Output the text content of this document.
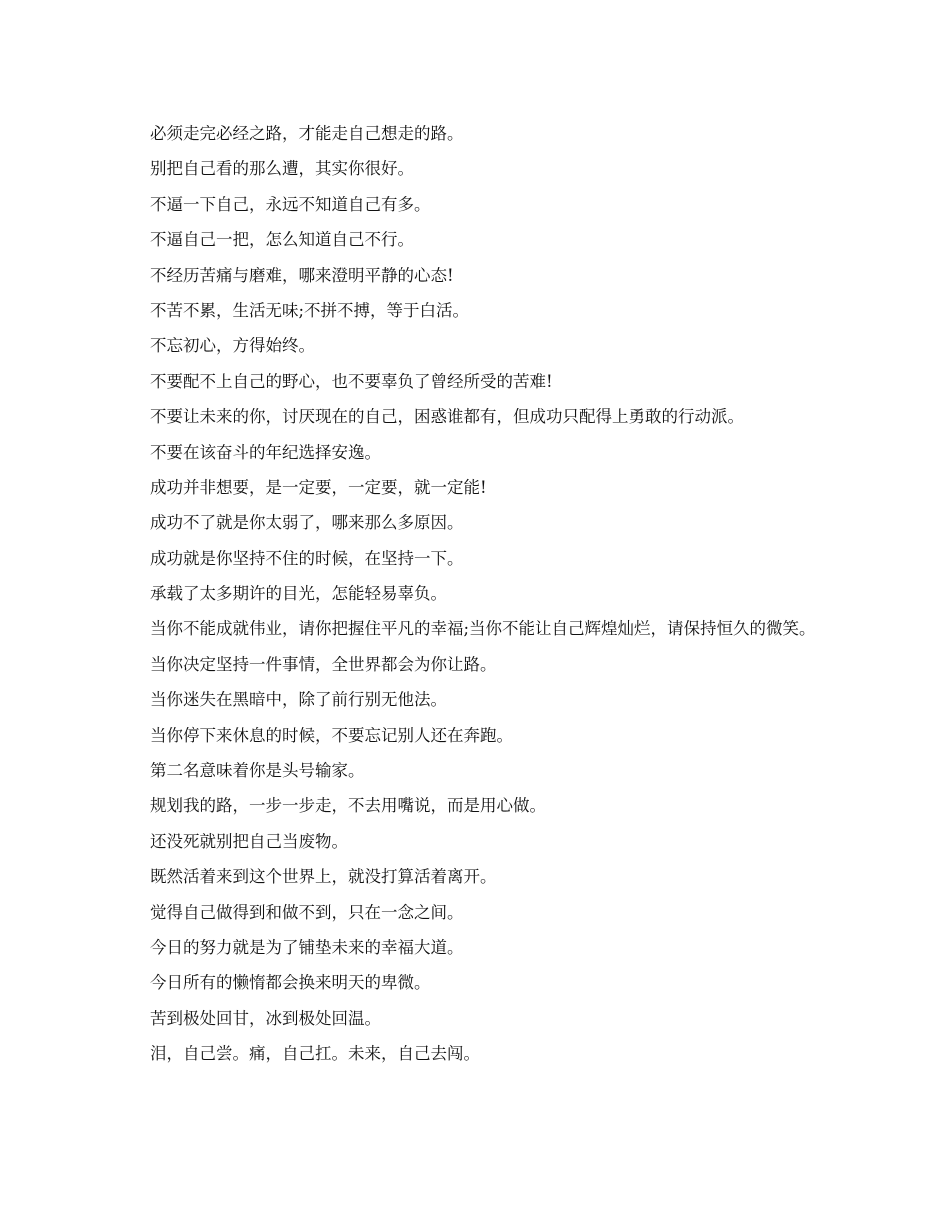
必须走完必经之路，才能走自己想走的路。

别把自己看的那么遭，其实你很好。

不逼一下自己，永远不知道自己有多。

不逼自己一把，怎么知道自己不行。

不经历苦痛与磨难，哪来澄明平静的心态!

不苦不累，生活无味;不拼不搏，等于白活。

不忘初心，方得始终。

不要配不上自己的野心，也不要辜负了曾经所受的苦难!

不要让未来的你，讨厌现在的自己，困惑谁都有，但成功只配得上勇敢的行动派。

不要在该奋斗的年纪选择安逸。

成功并非想要，是一定要，一定要，就一定能!

成功不了就是你太弱了，哪来那么多原因。

成功就是你坚持不住的时候，在坚持一下。

承载了太多期许的目光，怎能轻易辜负。

当你不能成就伟业，请你把握住平凡的幸福;当你不能让自己辉煌灿烂，请保持恒久的微笑。

当你决定坚持一件事情，全世界都会为你让路。

当你迷失在黑暗中，除了前行别无他法。

当你停下来休息的时候，不要忘记别人还在奔跑。

第二名意味着你是头号输家。

规划我的路，一步一步走，不去用嘴说，而是用心做。

还没死就别把自己当废物。

既然活着来到这个世界上，就没打算活着离开。

觉得自己做得到和做不到，只在一念之间。

今日的努力就是为了铺垫未来的幸福大道。

今日所有的懒惰都会换来明天的卑微。

苦到极处回甘，冰到极处回温。

泪，自己尝。痛，自己扛。未来，自己去闯。
